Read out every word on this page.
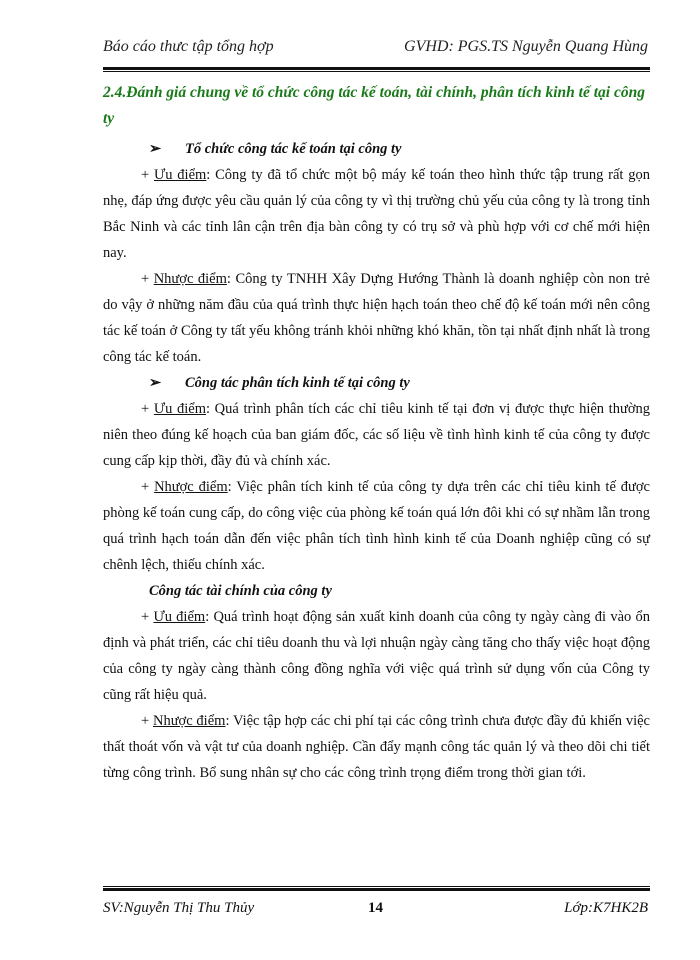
Báo cáo thưc tập tổng hợp	GVHD: PGS.TS Nguyễn Quang Hùng

2.4.Đánh giá chung về tổ chức công tác kế toán, tài chính, phân tích kinh tế tại công ty

➢ Tổ chức công tác kế toán tại công ty

+ Ưu điểm: Công ty đã tổ chức một bộ máy kế toán theo hình thức tập trung rất gọn nhẹ, đáp ứng được yêu cầu quản lý của công ty vì thị trường chủ yếu của công ty là trong tỉnh Bắc Ninh và các tỉnh lân cận trên địa bàn công ty có trụ sở và phù hợp với cơ chế mới hiện nay.

+ Nhược điểm: Công ty TNHH Xây Dựng Hướng Thành là doanh nghiệp còn non trẻ do vậy ở những năm đầu của quá trình thực hiện hạch toán theo chế độ kế toán mới nên công tác kế toán ở Công ty tất yếu không tránh khỏi những khó khăn, tồn tại nhất định nhất là trong công tác kế toán.

➢ Công tác phân tích kinh tế tại công ty

+ Ưu điểm: Quá trình phân tích các chỉ tiêu kinh tế tại đơn vị được thực hiện thường niên theo đúng kế hoạch của ban giám đốc, các số liệu về tình hình kinh tế của công ty được cung cấp kịp thời, đầy đủ và chính xác.

+ Nhược điểm: Việc phân tích kinh tế của công ty dựa trên các chỉ tiêu kinh tế được phòng kế toán cung cấp, do công việc của phòng kế toán quá lớn đôi khi có sự nhầm lẫn trong quá trình hạch toán dẫn đến việc phân tích tình hình kinh tế của Doanh nghiệp cũng có sự chênh lệch, thiếu chính xác.

Công tác tài chính của công ty

+ Ưu điểm: Quá trình hoạt động sản xuất kinh doanh của công ty ngày càng đi vào ổn định và phát triển, các chỉ tiêu doanh thu và lợi nhuận ngày càng tăng cho thấy việc hoạt động của công ty ngày càng thành công đồng nghĩa với việc quá trình sử dụng vốn của Công ty cũng rất hiệu quả.

+ Nhược điểm: Việc tập hợp các chi phí tại các công trình chưa được đầy đủ khiến việc thất thoát vốn và vật tư của doanh nghiệp. Cần đẩy mạnh công tác quản lý và theo dõi chi tiết từng công trình. Bổ sung nhân sự cho các công trình trọng điểm trong thời gian tới.

SV:Nguyễn Thị Thu Thủy	14	Lớp:K7HK2B
